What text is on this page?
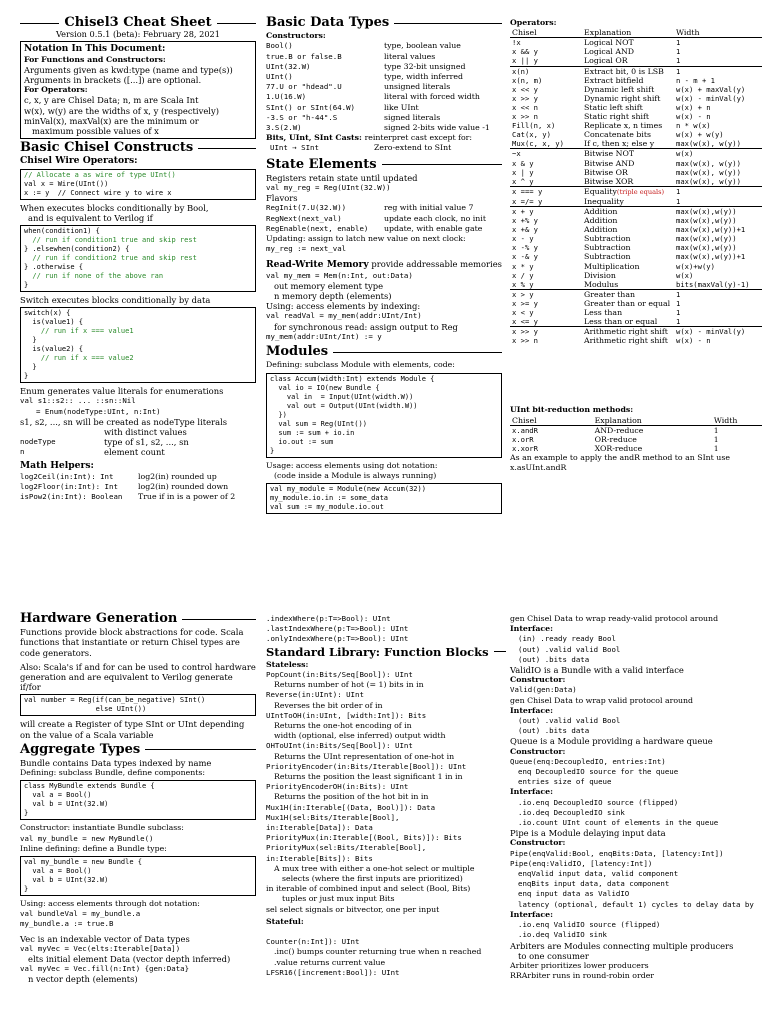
Chisel3 Cheat Sheet
Version 0.5.1 (beta): February 28, 2021
Notation In This Document:
For Functions and Constructors:
Arguments given as kwd:type (name and type(s))
Arguments in brackets ([...]) are optional.
For Operators:
c, x, y are Chisel Data; n, m are Scala Int
w(x), w(y) are the widths of x, y (respectively)
minVal(x), maxVal(x) are the minimum or
maximum possible values of x
Basic Chisel Constructs
Chisel Wire Operators:
// Allocate a as wire of type UInt()
val x = Wire(UInt())
x := y  // Connect wire y to wire x
When executes blocks conditionally by Bool,
and is equivalent to Verilog if
when(condition1) {
// run if condition1 true and skip rest
} .elsewhen(condition2) {
// run if condition2 true and skip rest
} .otherwise {
// run if none of the above ran
}
Switch executes blocks conditionally by data
switch(x) {
is(value1) {
// run if x === value1
}
is(value2) {
// run if x === value2
}
}
Enum generates value literals for enumerations
val s1::s2:: ... ::sn::Nil
= Enum(nodeType:UInt, n:Int)
s1, s2, ..., sn will be created as nodeType literals
with distinct values
nodeType	type of s1, s2, ..., sn
n	element count
Math Helpers:
log2Ceil(in:Int): Int	log2(in) rounded up
log2Floor(in:Int): Int	log2(in) rounded down
isPow2(in:Int): Boolean	True if in is a power of 2
Basic Data Types
Constructors:
Bool()	type, boolean value
true.B or false.B	literal values
UInt(32.W)	type 32-bit unsigned
UInt()	type, width inferred
77.U or "hdead".U	unsigned literals
1.U(16.W)	literal with forced width
SInt() or SInt(64.W)	like UInt
-3.S or "h-44".S	signed literals
3.S(2.W)	signed 2-bits wide value -1
Bits, UInt, SInt Casts:
reinterpret cast except for:
UInt → SInt	Zero-extend to SInt
State Elements
Registers retain state until updated
val my_reg = Reg(UInt(32.W))
Flavors
RegInit(7.U(32.W))	reg with initial value 7
RegNext(next_val)	update each clock, no init
RegEnable(next, enable)	update, with enable gate
Updating: assign to latch new value on next clock:
my_reg := next_val
Read-Write Memory provide addressable memories
val my_mem = Mem(n:Int, out:Data)
out memory element type
n memory depth (elements)
Using: access elements by indexing:
val readVal = my_mem(addr:UInt/Int)
for synchronous read: assign output to Reg
my_mem(addr:UInt/Int) := y
Modules
Defining: subclass Module with elements, code:
class Accum(width:Int) extends Module {
val io = IO(new Bundle {
val in  = Input(UInt(width.W))
val out = Output(UInt(width.W))
})
val sum = Reg(UInt())
sum := sum + io.in
io.out := sum
}
Usage: access elements using dot notation:
(code inside a Module is always running)
val my_module = Module(new Accum(32))
my_module.io.in := some_data
val sum := my_module.io.out
Operators:
Chisel	Explanation	Width
!x	Logical NOT	1
x && y	Logical AND	1
x || y	Logical OR	1
x(n)	Extract bit, 0 is LSB	1
x(n, m)	Extract bitfield	n - m + 1
x << y	Dynamic left shift	w(x) + maxVal(y)
x >> y	Dynamic right shift	w(x) - minVal(y)
x << n	Static left shift	w(x) + n
x >> n	Static right shift	w(x) - n
Fill(n, x)	Replicate x, n times	n * w(x)
Cat(x, y)	Concatenate bits	w(x) + w(y)
Mux(c, x, y)	If c, then x; else y	max(w(x), w(y))
~x	Bitwise NOT	w(x)
x & y	Bitwise AND	max(w(x), w(y))
x | y	Bitwise OR	max(w(x), w(y))
x ^ y	Bitwise XOR	max(w(x), w(y))
x === y	Equality(triple equals)	1
x =/= y	Inequality	1
x + y	Addition	max(w(x),w(y))
x +% y	Addition	max(w(x),w(y))
x +& y	Addition	max(w(x),w(y))+1
x - y	Subtraction	max(w(x),w(y))
x -% y	Subtraction	max(w(x),w(y))
x -& y	Subtraction	max(w(x),w(y))+1
x * y	Multiplication	w(x)+w(y)
x / y	Division	w(x)
x % y	Modulus	bits(maxVal(y)-1)
x > y	Greater than	1
x >= y	Greater than or equal	1
x < y	Less than	1
x <= y	Less than or equal	1
x >> y	Arithmetic right shift	w(x) - minVal(y)
x >> n	Arithmetic right shift	w(x) - n
UInt bit-reduction methods:
Chisel	Explanation	Width
x.andR	AND-reduce	1
x.orR	OR-reduce	1
x.xorR	XOR-reduce	1
As an example to apply the andR method to an SInt use
x.asUInt.andR
Hardware Generation
Functions provide block abstractions for code. Scala functions that instantiate or return Chisel types are code generators.
Also: Scala's if and for can be used to control hardware generation and are equivalent to Verilog generate if/for
val number = Reg(if(can_be_negative) SInt()
else UInt())
will create a Register of type SInt or UInt depending on the value of a Scala variable
Aggregate Types
Bundle contains Data types indexed by name
Defining: subclass Bundle, define components:
class MyBundle extends Bundle {
val a = Bool()
val b = UInt(32.W)
}
Constructor: instantiate Bundle subclass:
val my_bundle = new MyBundle()
Inline defining: define a Bundle type:
val my_bundle = new Bundle {
val a = Bool()
val b = UInt(32.W)
}
Using: access elements through dot notation:
val bundleVal = my_bundle.a
my_bundle.a := true.B
Vec is an indexable vector of Data types
val myVec = Vec(elts:Iterable[Data])
elts initial element Data (vector depth inferred)
val myVec = Vec.fill(n:Int) {gen:Data}
n vector depth (elements)
.indexWhere(p:T=>Bool): UInt
.lastIndexWhere(p:T=>Bool): UInt
.onlyIndexWhere(p:T=>Bool): UInt
Standard Library: Function Blocks
Stateless:
PopCount(in:Bits/Seq[Bool]): UInt
Returns number of hot (= 1) bits in in
Reverse(in:UInt): UInt
Reverses the bit order of in
UIntToOH(in:UInt, [width:Int]): Bits
Returns the one-hot encoding of in
width (optional, else inferred) output width
OHToUInt(in:Bits/Seq[Bool]): UInt
Returns the UInt representation of one-hot in
PriorityEncoder(in:Bits/Iterable[Bool]): UInt
Returns the position the least significant 1 in in
PriorityEncoderOH(in:Bits): UInt
Returns the position of the hot bit in in
Mux1H(in:Iterable[(Data, Bool)]): Data
Mux1H(sel:Bits/Iterable[Bool],
in:Iterable[Data]): Data
PriorityMux(in:Iterable[(Bool, Bits)]): Bits
PriorityMux(sel:Bits/Iterable[Bool],
in:Iterable[Bits]): Bits
A mux tree with either a one-hot select or multiple
selects (where the first inputs are prioritized)
in iterable of combined input and select (Bool, Bits)
tuples or just mux input Bits
sel select signals or bitvector, one per input
Stateful:
Counter(n:Int]): UInt
.inc() bumps counter returning true when n reached
.value returns current value
LFSR16([increment:Bool]): UInt
gen Chisel Data to wrap ready-valid protocol around
Interface:
(in) .ready ready Bool
(out) .valid valid Bool
(out) .bits data
ValidIO is a Bundle with a valid interface
Constructor:
Valid(gen:Data)
gen Chisel Data to wrap valid protocol around
Interface:
(out) .valid valid Bool
(out) .bits data
Queue is a Module providing a hardware queue
Constructor:
Queue(enq:DecoupledIO, entries:Int)
enq DecoupledIO source for the queue
entries size of queue
Interface:
.io.enq DecoupledIO source (flipped)
.io.deq DecoupledIO sink
.io.count UInt count of elements in the queue
Pipe is a Module delaying input data
Constructor:
Pipe(enqValid:Bool, enqBits:Data, [latency:Int])
Pipe(enq:ValidIO, [latency:Int])
enqValid input data, valid component
enqBits input data, data component
enq input data as ValidIO
latency (optional, default 1) cycles to delay data by
Interface:
.io.enq ValidIO source (flipped)
.io.deq ValidIO sink
Arbiters are Modules connecting multiple producers
to one consumer
Arbiter prioritizes lower producers
RRArbiter runs in round-robin order
